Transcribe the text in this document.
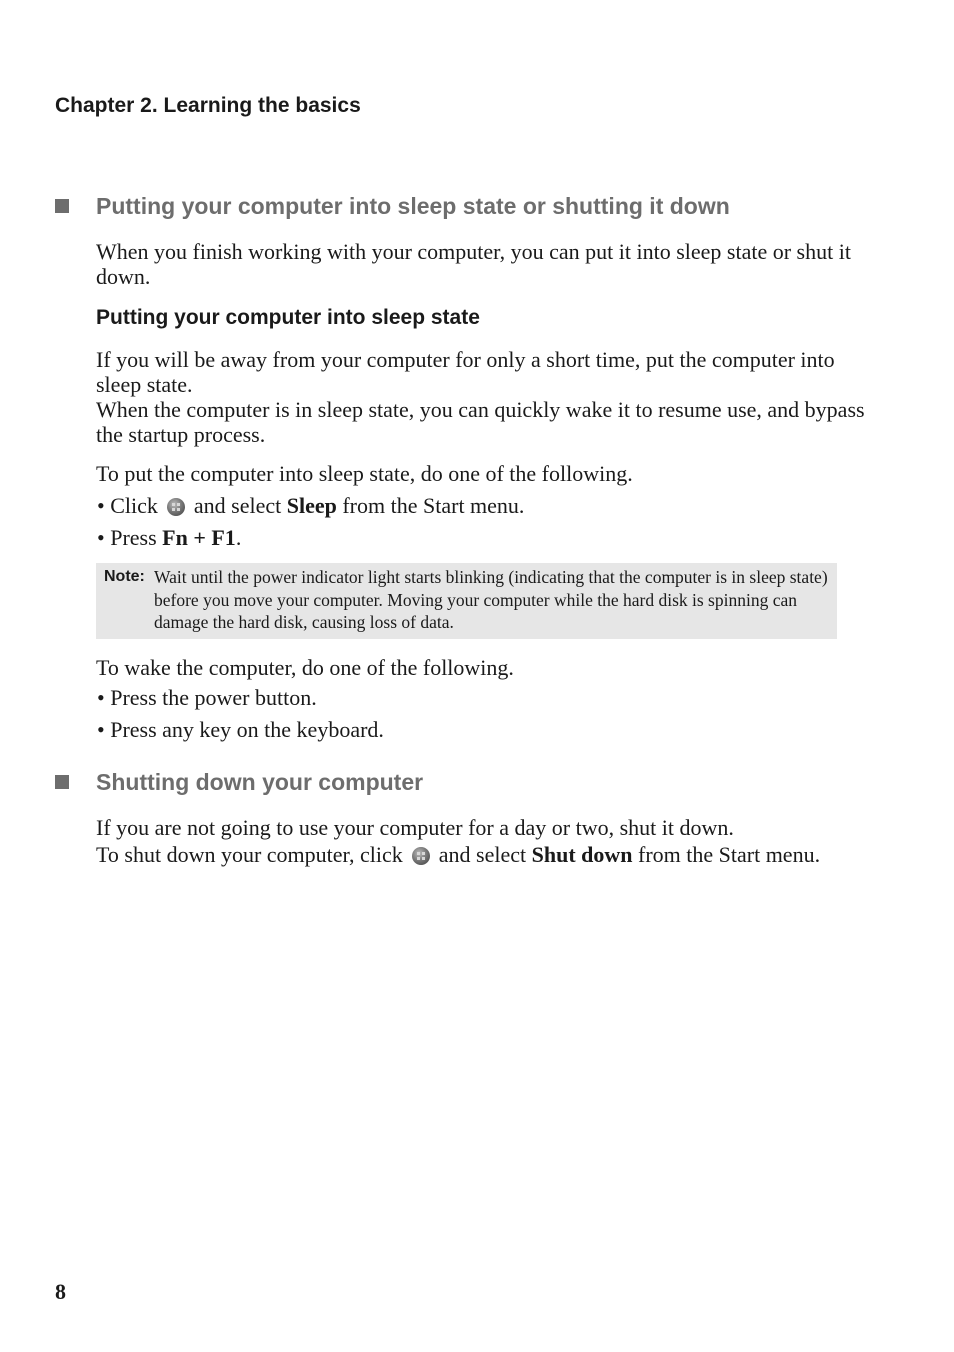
Chapter 2. Learning the basics
Putting your computer into sleep state or shutting it down

When you finish working with your computer, you can put it into sleep state or shut it down.

Putting your computer into sleep state

If you will be away from your computer for only a short time, put the computer into sleep state.

When the computer is in sleep state, you can quickly wake it to resume use, and bypass the startup process.

To put the computer into sleep state, do one of the following.

• Click and select Sleep from the Start menu.

• Press Fn + F1.

Note: Wait until the power indicator light starts blinking (indicating that the computer is in sleep state) before you move your computer. Moving your computer while the hard disk is spinning can damage the hard disk, causing loss of data.

To wake the computer, do one of the following.

• Press the power button.

• Press any key on the keyboard.

Shutting down your computer

If you are not going to use your computer for a day or two, shut it down.

To shut down your computer, click and select Shut down from the Start menu.

8
